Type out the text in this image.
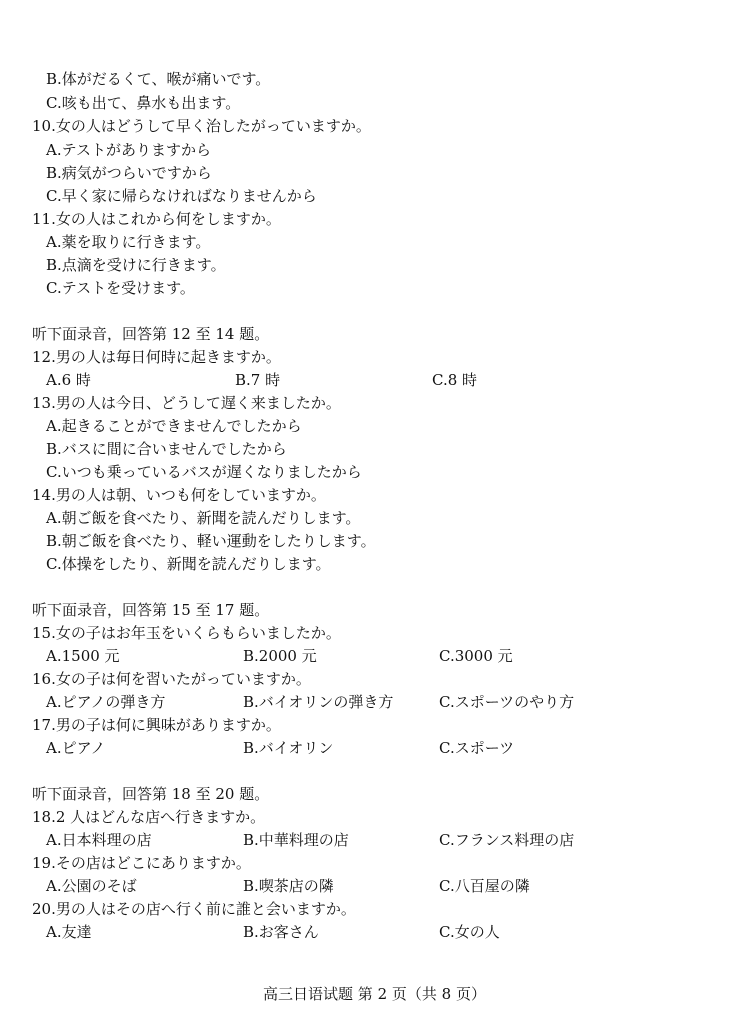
B.体がだるくて、喉が痛いです。
C.咳も出て、鼻水も出ます。
10.女の人はどうして早く治したがっていますか。
A.テストがありますから
B.病気がつらいですから
C.早く家に帰らなければなりませんから
11.女の人はこれから何をしますか。
A.薬を取りに行きます。
B.点滴を受けに行きます。
C.テストを受けます。
听下面录音，回答第 12 至 14 题。
12.男の人は毎日何時に起きますか。
A.6 時	B.7 時	C.8 時
13.男の人は今日、どうして遅く来ましたか。
A.起きることができませんでしたから
B.バスに間に合いませんでしたから
C.いつも乗っているバスが遅くなりましたから
14.男の人は朝、いつも何をしていますか。
A.朝ご飯を食べたり、新聞を読んだりします。
B.朝ご飯を食べたり、軽い運動をしたりします。
C.体操をしたり、新聞を読んだりします。
听下面录音，回答第 15 至 17 题。
15.女の子はお年玉をいくらもらいましたか。
A.1500 元	B.2000 元	C.3000 元
16.女の子は何を習いたがっていますか。
A.ピアノの弾き方	B.バイオリンの弾き方	C.スポーツのやり方
17.男の子は何に興味がありますか。
A.ピアノ	B.バイオリン	C.スポーツ
听下面录音，回答第 18 至 20 题。
18.2 人はどんな店へ行きますか。
A.日本料理の店	B.中華料理の店	C.フランス料理の店
19.その店はどこにありますか。
A.公園のそば	B.喫茶店の隣	C.八百屋の隣
20.男の人はその店へ行く前に誰と会いますか。
A.友達	B.お客さん	C.女の人
高三日语试题 第 2 页（共 8 页）
